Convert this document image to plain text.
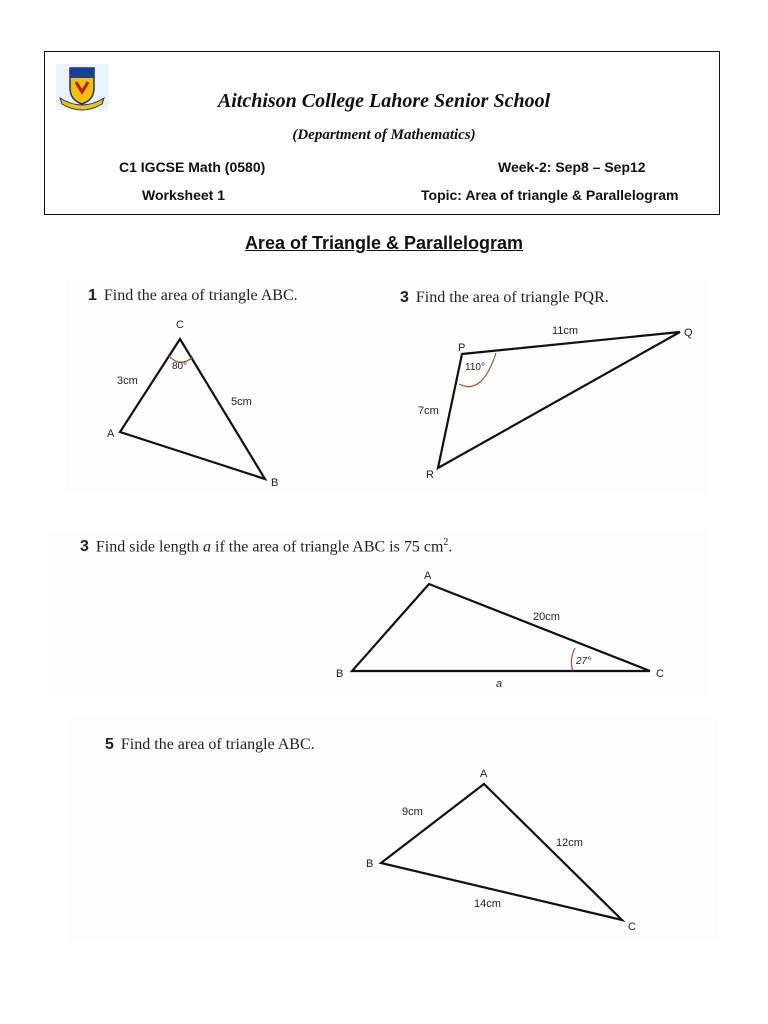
Aitchison College Lahore Senior School
(Department of Mathematics)
C1 IGCSE Math (0580)	Week-2: Sep8 – Sep12
Worksheet 1	Topic: Area of triangle & Parallelogram
Area of Triangle & Parallelogram
1 Find the area of triangle ABC.	3 Find the area of triangle PQR.
3 Find side length a if the area of triangle ABC is 75 $cm^2$.
5 Find the area of triangle ABC.
C
A
B
3cm
5cm
80°
P
Q
R
11cm
7cm
110°
A
B	C
20cm
a
27°
A
B
C
9cm
12cm
14cm
